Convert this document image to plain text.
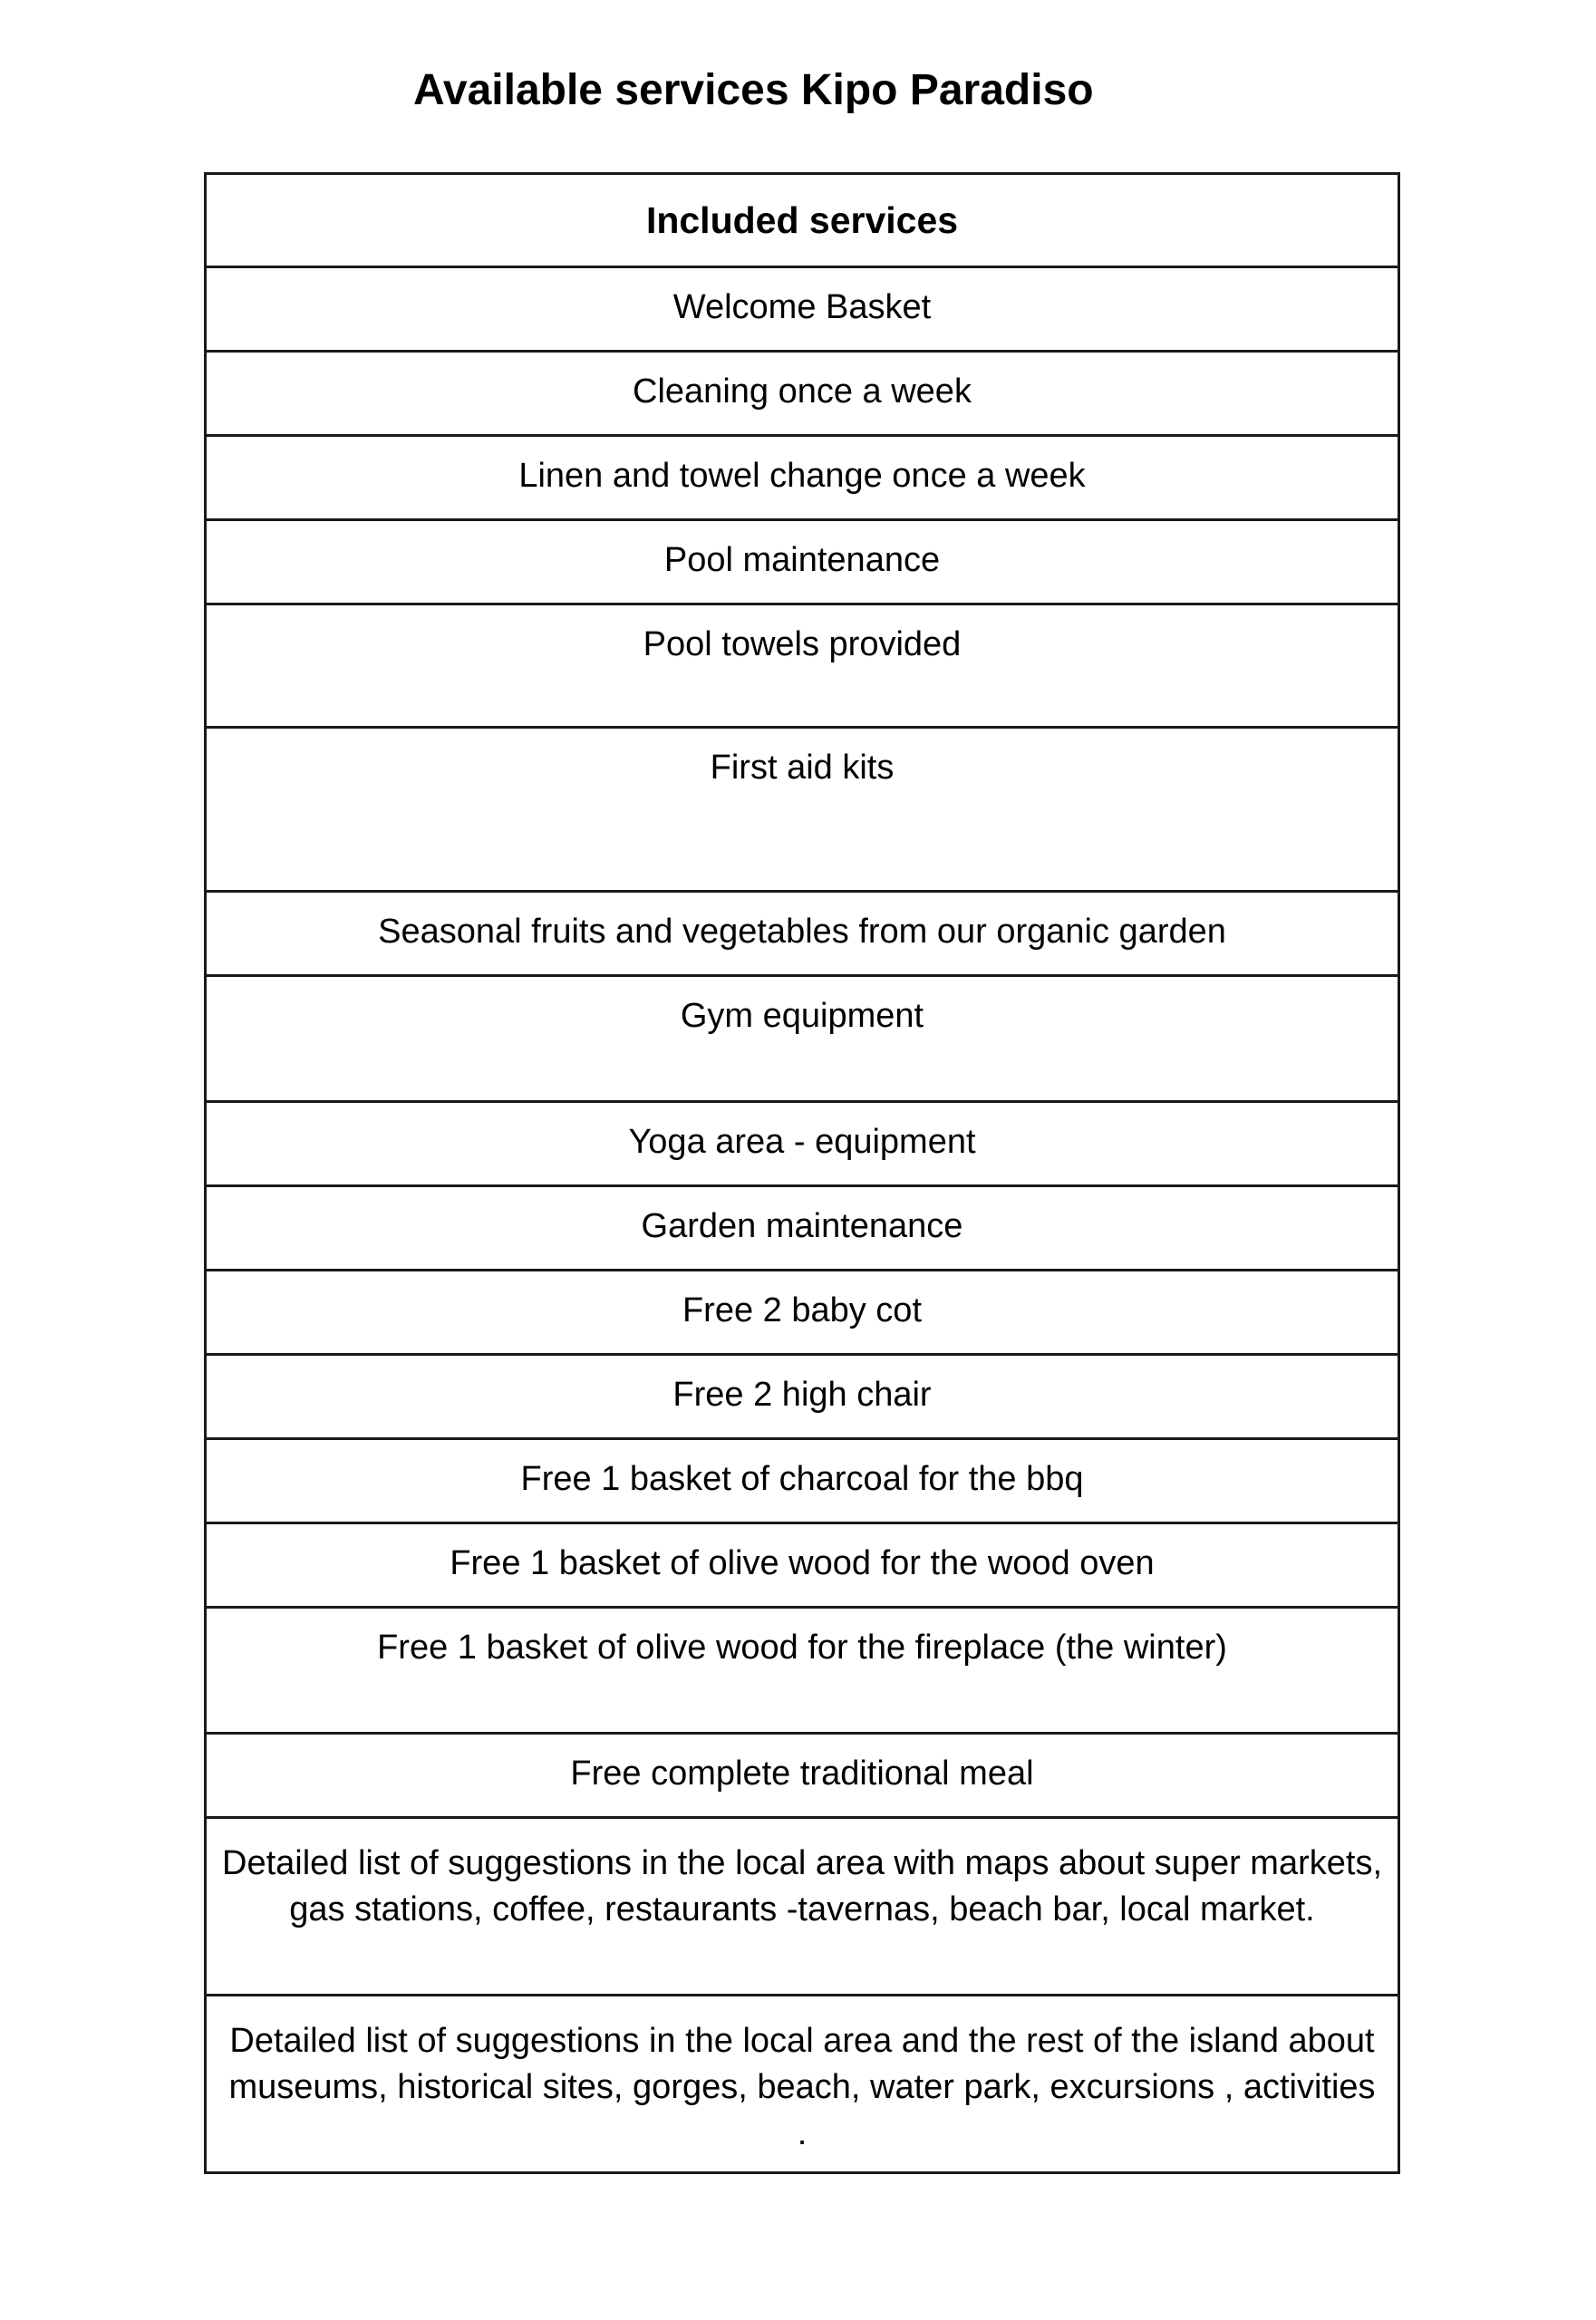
Available services Kipo Paradiso
Included services
Welcome Basket
Cleaning once a week
Linen and towel change once a week
Pool maintenance
Pool towels provided
First aid kits
Seasonal fruits and vegetables from our organic garden
Gym equipment
Yoga area - equipment
Garden maintenance
Free 2 baby cot
Free 2 high chair
Free 1 basket of charcoal for the bbq
Free 1 basket of olive wood for the wood oven
Free 1 basket of olive wood for the fireplace (the winter)
Free complete traditional meal
Detailed list of suggestions in the local area with maps about super markets, gas stations, coffee, restaurants -tavernas, beach bar, local market.
Detailed list of suggestions in the local area and the rest of the island about museums, historical sites, gorges, beach, water park, excursions , activities .
